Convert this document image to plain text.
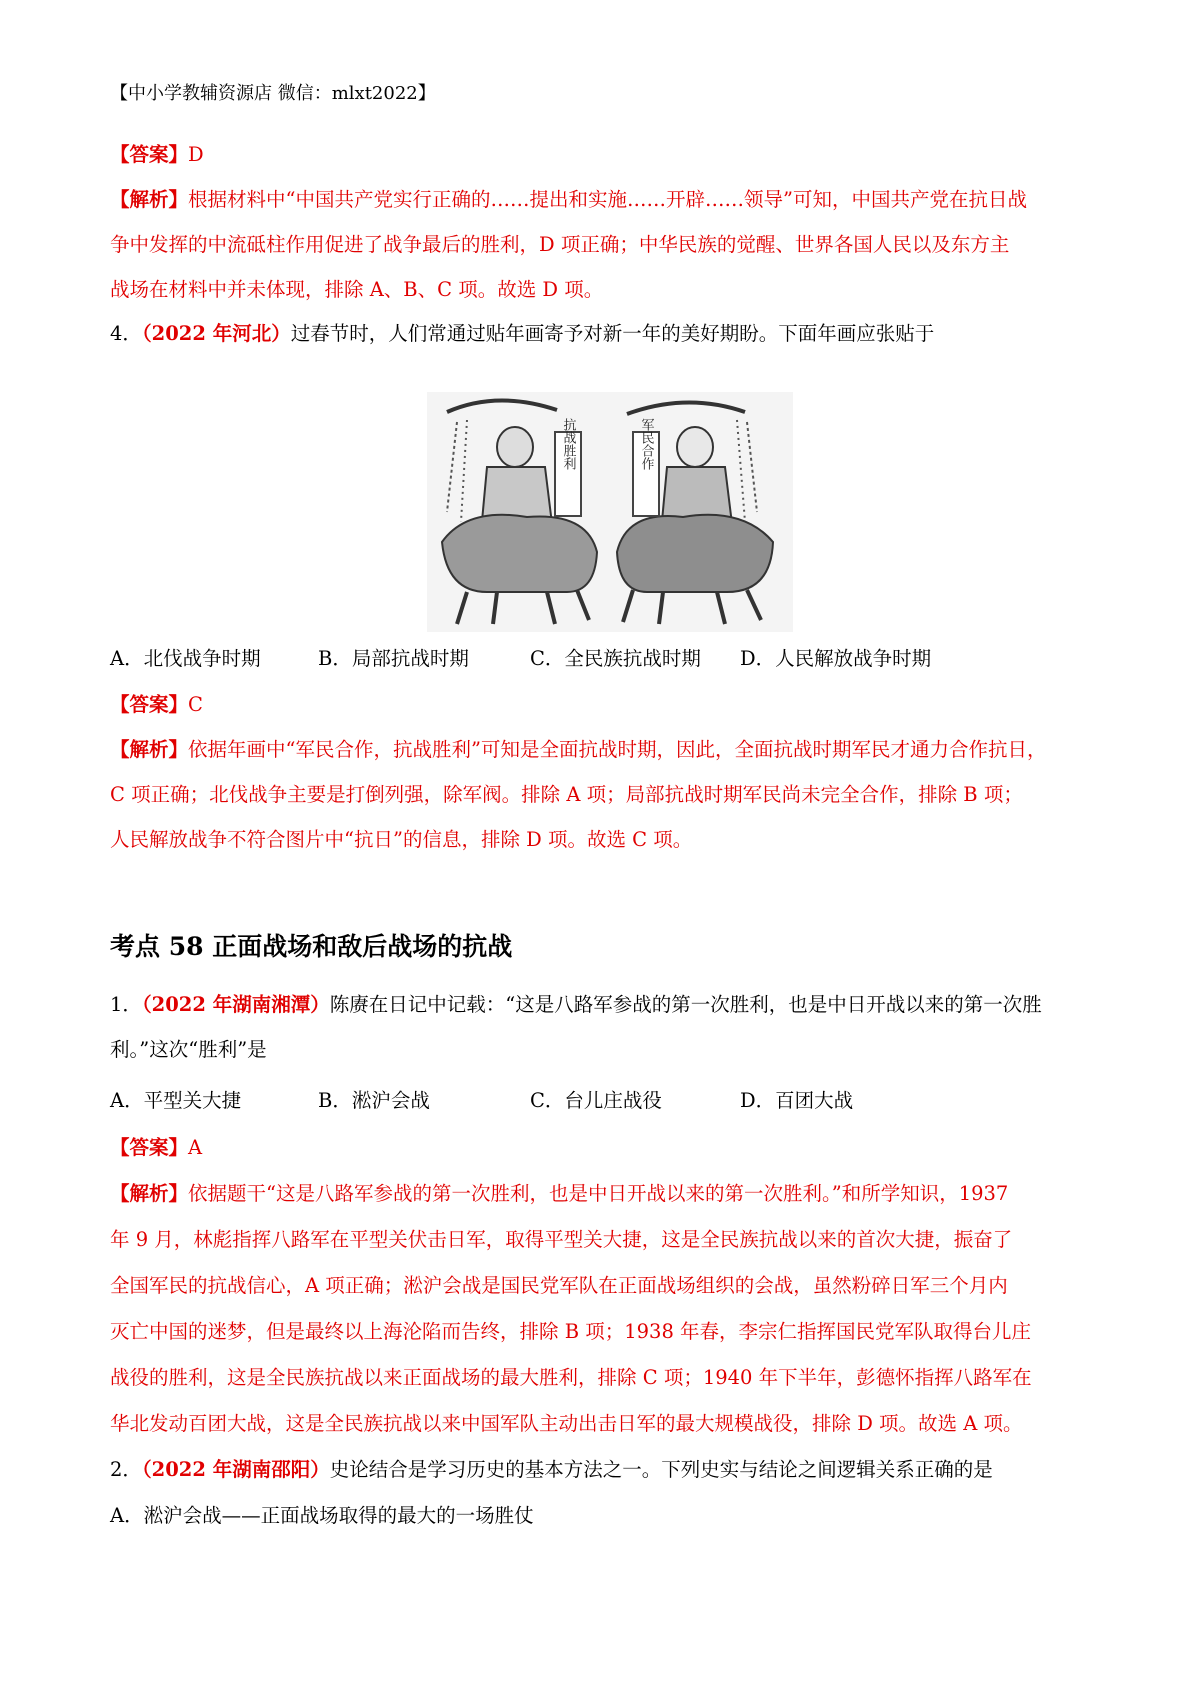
【中小学教辅资源店 微信：mlxt2022】
【答案】D
【解析】根据材料中“中国共产党实行正确的……提出和实施……开辟……领导”可知，中国共产党在抗日战
争中发挥的中流砥柱作用促进了战争最后的胜利，D 项正确；中华民族的觉醒、世界各国人民以及东方主
战场在材料中并未体现，排除 A、B、C 项。故选 D 项。
4．（2022 年河北）过春节时，人们常通过贴年画寄予对新一年的美好期盼。下面年画应张贴于
抗战胜利	军民合作
A．北伐战争时期	B．局部抗战时期	C．全民族抗战时期 D．人民解放战争时期
【答案】C
【解析】依据年画中“军民合作，抗战胜利”可知是全面抗战时期，因此，全面抗战时期军民才通力合作抗日，
C 项正确；北伐战争主要是打倒列强，除军阀。排除 A 项；局部抗战时期军民尚未完全合作，排除 B 项；
人民解放战争不符合图片中“抗日”的信息，排除 D 项。故选 C 项。
考点 58 正面战场和敌后战场的抗战
1．（2022 年湖南湘潭）陈赓在日记中记载：“这是八路军参战的第一次胜利，也是中日开战以来的第一次胜
利。”这次“胜利”是
A．平型关大捷	B．淞沪会战	C．台儿庄战役	D．百团大战
【答案】A
【解析】依据题干“这是八路军参战的第一次胜利，也是中日开战以来的第一次胜利。”和所学知识，1937
年 9 月，林彪指挥八路军在平型关伏击日军，取得平型关大捷，这是全民族抗战以来的首次大捷，振奋了
全国军民的抗战信心，A 项正确；淞沪会战是国民党军队在正面战场组织的会战，虽然粉碎日军三个月内
灭亡中国的迷梦，但是最终以上海沦陷而告终，排除 B 项；1938 年春，李宗仁指挥国民党军队取得台儿庄
战役的胜利，这是全民族抗战以来正面战场的最大胜利，排除 C 项；1940 年下半年，彭德怀指挥八路军在
华北发动百团大战，这是全民族抗战以来中国军队主动出击日军的最大规模战役，排除 D 项。故选 A 项。
2．（2022 年湖南邵阳）史论结合是学习历史的基本方法之一。下列史实与结论之间逻辑关系正确的是
A．淞沪会战——正面战场取得的最大的一场胜仗
